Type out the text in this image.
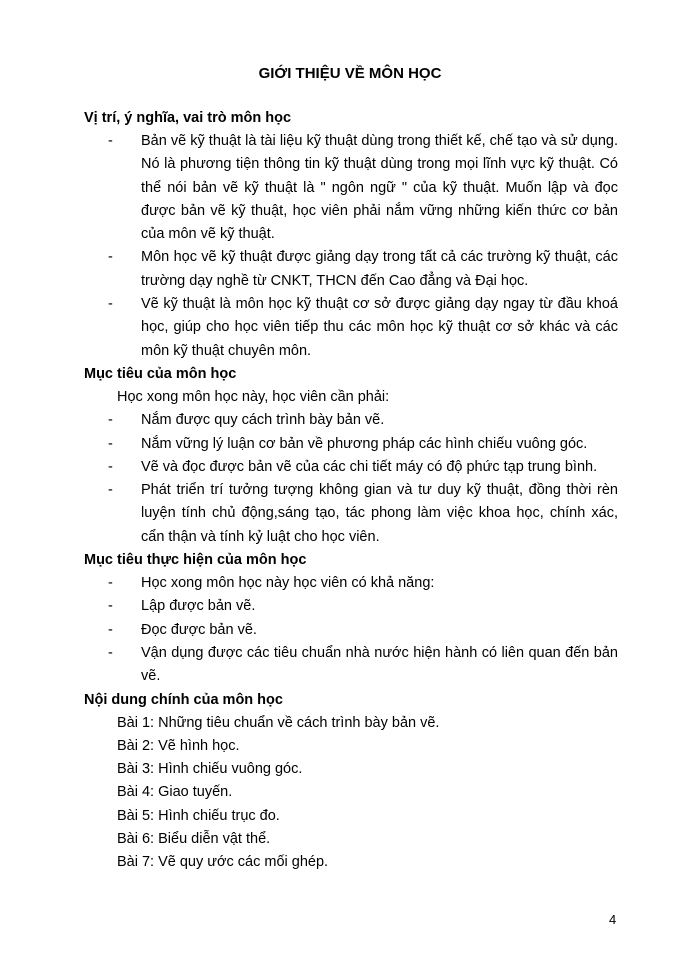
GIỚI THIỆU VỀ MÔN HỌC
Vị trí, ý nghĩa, vai trò môn học
- Bản vẽ kỹ thuật là tài liệu kỹ thuật dùng trong thiết kế, chế tạo và sử dụng. Nó là phương tiện thông tin kỹ thuật dùng trong mọi lĩnh vực kỹ thuật. Có thể nói bản vẽ kỹ thuật là " ngôn ngữ " của kỹ thuật. Muốn lập và đọc được bản vẽ kỹ thuật, học viên phải nắm vững những kiến thức cơ bản của môn vẽ kỹ thuật.
- Môn học vẽ kỹ thuật được giảng dạy trong tất cả các trường kỹ thuật, các trường dạy nghề từ CNKT, THCN đến Cao đẳng và Đại học.
- Vẽ kỹ thuật là môn học kỹ thuật cơ sở được giảng dạy ngay từ đầu khoá học, giúp cho học viên tiếp thu các môn học kỹ thuật cơ sở khác và các môn kỹ thuật chuyên môn.
Mục tiêu của môn học
Học xong môn học này, học viên cần phải:
- Nắm được quy cách trình bày bản vẽ.
- Nắm vững lý luận cơ bản về phương pháp các hình chiếu vuông góc.
- Vẽ và đọc được bản vẽ của các chi tiết máy có độ phức tạp trung bình.
- Phát triển trí tưởng tượng không gian và tư duy kỹ thuật, đồng thời rèn luyện tính chủ động,sáng tạo, tác phong làm việc khoa học, chính xác, cẩn thận và tính kỷ luật cho học viên.
Mục tiêu thực hiện của môn học
- Học xong môn học này học viên có khả năng:
- Lập được bản vẽ.
- Đọc được bản vẽ.
- Vận dụng được các tiêu chuẩn nhà nước hiện hành có liên quan đến bản vẽ.
Nội dung chính của môn học
Bài 1: Những tiêu chuẩn về cách trình bày bản vẽ.
Bài 2: Vẽ hình học.
Bài 3: Hình chiếu vuông góc.
Bài 4: Giao tuyến.
Bài 5: Hình chiếu trục đo.
Bài 6: Biểu diễn vật thể.
Bài 7: Vẽ quy ước các mối ghép.
4
